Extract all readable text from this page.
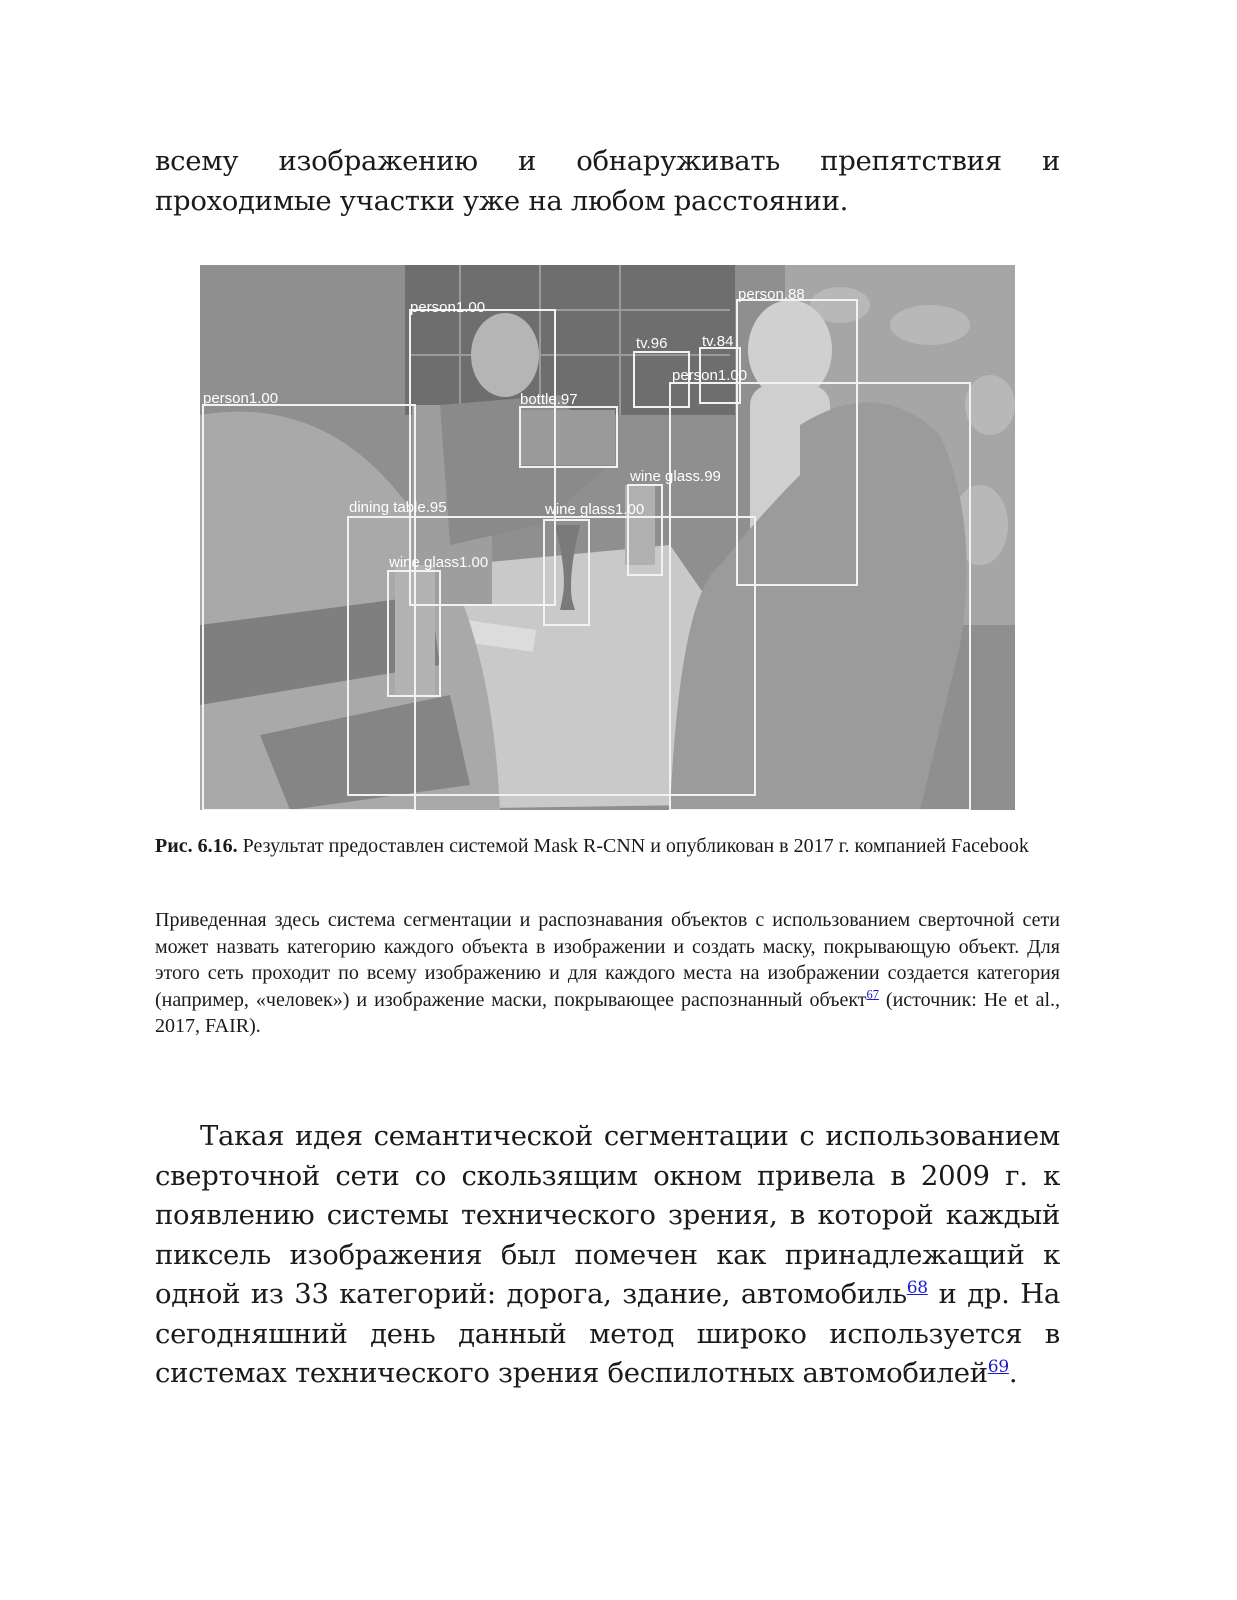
всему изображению и обнаруживать препятствия и проходимые участки уже на любом расстоянии.

person1.00
person1.00
person.88
tv.96 tv.84
person1.00
bottle.97
wine glass.99
dining table.95	wine glass1.00
wine glass1.00

Рис. 6.16. Результат предоставлен системой Mask R-CNN и опубликован в 2017 г. компанией Facebook

Приведенная здесь система сегментации и распознавания объектов с использованием сверточной сети может назвать категорию каждого объекта в изображении и создать маску, покрывающую объект. Для этого сеть проходит по всему изображению и для каждого места на изображении создается категория (например, «человек») и изображение маски, покрывающее распознанный объект$^{67}$ (источник: He et al., 2017, FAIR).

Такая идея семантической сегментации с использованием сверточной сети со скользящим окном привела в 2009 г. к появлению системы технического зрения, в которой каждый пиксель изображения был помечен как принадлежащий к одной из 33 категорий: дорога, здание, автомобиль$^{68}$ и др. На сегодняшний день данный метод широко используется в системах технического зрения беспилотных автомобилей$^{69}$.
